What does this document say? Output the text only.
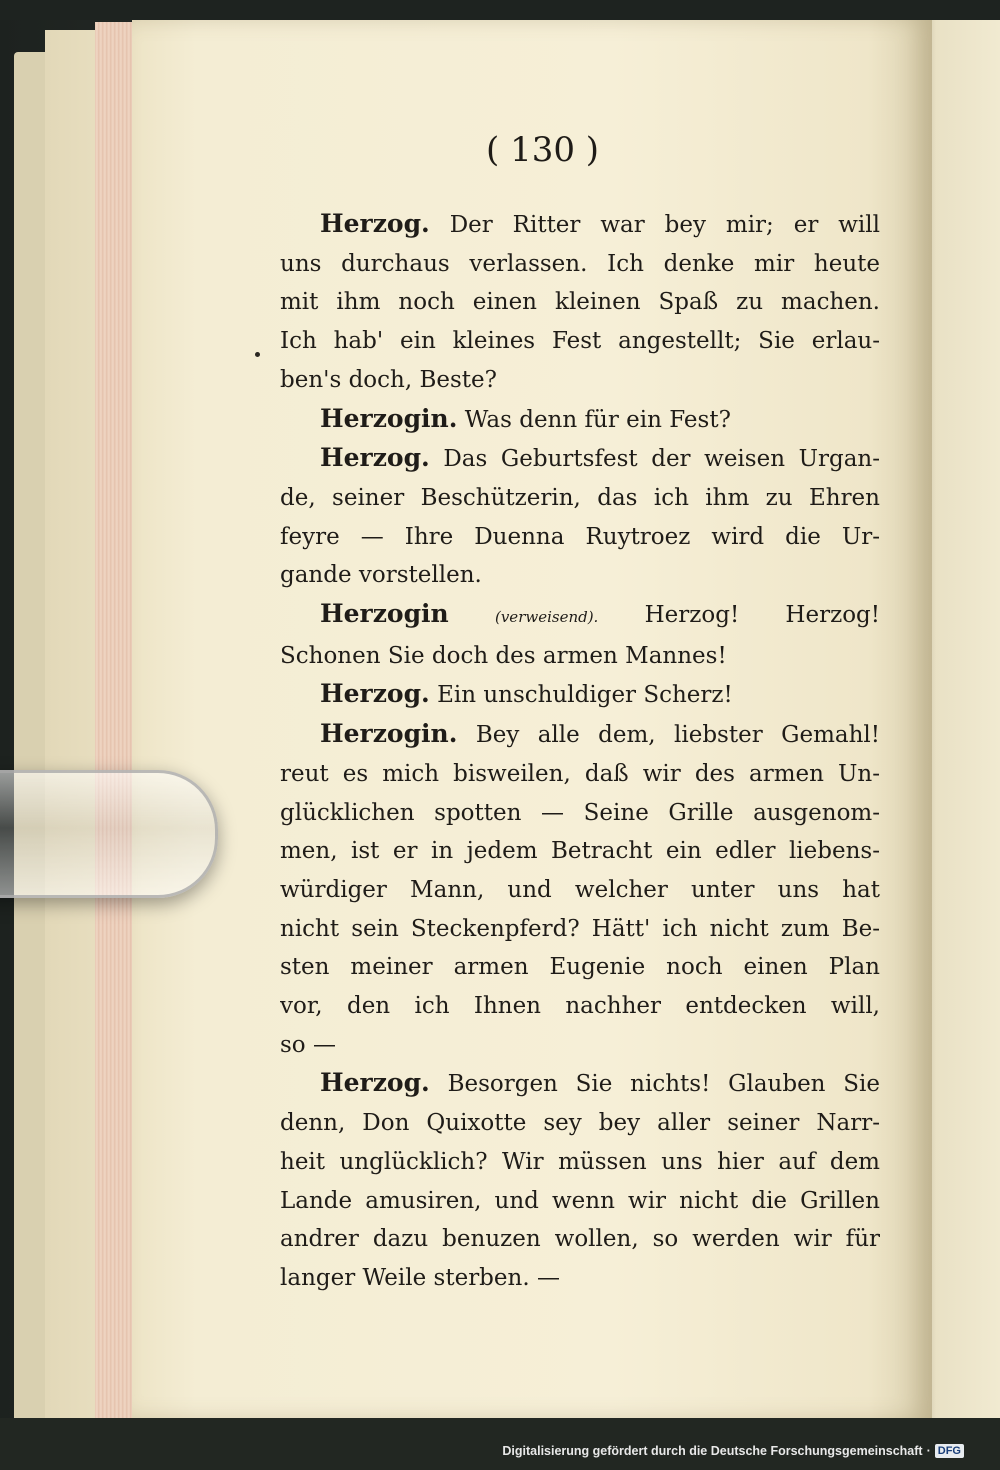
( 130 )
Herzog. Der Ritter war bey mir; er will
uns durchaus verlassen. Ich denke mir heute
mit ihm noch einen kleinen Spaß zu machen.
Ich hab' ein kleines Fest angestellt; Sie erlau-
ben's doch, Beste?
Herzogin. Was denn für ein Fest?
Herzog. Das Geburtsfest der weisen Urgan-
de, seiner Beschützerin, das ich ihm zu Ehren
feyre — Ihre Duenna Ruytroez wird die Ur-
gande vorstellen.
Herzogin	(verweisend). Herzog! Herzog!
Schonen Sie doch des armen Mannes!
Herzog. Ein unschuldiger Scherz!
Herzogin. Bey alle dem, liebster Gemahl!
reut es mich bisweilen, daß wir des armen Un-
glücklichen spotten — Seine Grille ausgenom-
men, ist er in jedem Betracht ein edler liebens-
würdiger Mann, und welcher unter uns hat
nicht sein Steckenpferd? Hätt' ich nicht zum Be-
sten meiner armen Eugenie noch einen Plan
vor, den ich Ihnen nachher entdecken will,
so —
Herzog. Besorgen Sie nichts! Glauben Sie
denn, Don Quixotte sey bey aller seiner Narr-
heit unglücklich? Wir müssen uns hier auf dem
Lande amusiren, und wenn wir nicht die Grillen
andrer dazu benuzen wollen, so werden wir für
langer Weile sterben. —
Digitalisierung gefördert durch die Deutsche Forschungsgemeinschaft · DFG
